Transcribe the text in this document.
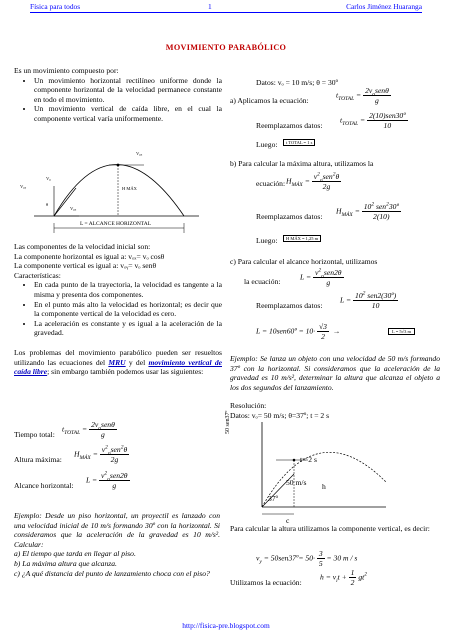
Física para todos	1	Carlos Jiménez Huaranga
MOVIMIENTO PARABÓLICO

Es un movimiento compuesto por:

• Un movimiento horizontal rectilíneo uniforme donde la componente horizontal de la velocidad permanece constante en todo el movimiento.
• Un movimiento vertical de caída libre, en el cual la componente vertical varía uniformemente.
V₀ₓ
V₀ᵧ
V₀
H MÁX
θ
V₀ₓ
L = ALCANCE HORIZONTAL

Las componentes de la velocidad inicial son:

La componente horizontal es igual a: vₒₓ= vₒ cosθ

La componente vertical es igual a: vₒᵧ= vₒ senθ

Características:

• En cada punto de la trayectoria, la velocidad es tangente a la misma y presenta dos componentes.
• En el punto más alto la velocidad es horizontal; es decir que la componente vertical de la velocidad es cero.
• La aceleración es constante y es igual a la aceleración de la gravedad.

Los problemas del movimiento parabólico pueden ser resueltos utilizando las ecuaciones del MRU y del movimiento vertical de caída libre; sin embargo también podemos usar las siguientes:

Tiempo total:
$t_{TOTAL} = \frac{2v_osen\theta}{g}$
Altura máxima:
$H_{MÁX} = \frac{v^2_osen^2\theta}{2g}$
Alcance horizontal:
$L = \frac{v^2_osen2\theta}{g}$

Ejemplo: Desde un piso horizontal, un proyectil es lanzado con una velocidad inicial de 10 m/s formando 30º con la horizontal. Si consideramos que la aceleración de la gravedad es 10 m/s². Calcular:

a) El tiempo que tarda en llegar al piso.

b) La máxima altura que alcanza.

c) ¿A qué distancia del punto de lanzamiento choca con el piso?

Datos: vₒ = 10 m/s; θ = 30º

a) Aplicamos la ecuación:
$t_{TOTAL} = \frac{2v_osen\theta}{g}$
Reemplazamos datos:
$t_{TOTAL} = \frac{\text{2(10)sen30º}}{10}$
Luego:	t TOTAL = 1 s

b) Para calcular la máxima altura, utilizamos la

ecuación: $H_{MÁX} = \frac{v^2_osen^2\theta}{2g}$
Reemplazamos datos:
$H_{MÁX} = \frac{10^2 sen^230º}{2(10)}$
Luego:	H MÁX = 1,25 m

c) Para calcular el alcance horizontal, utilizamos

la ecuación:	$L = \frac{v^2_osen2\theta}{g}$
Reemplazamos datos:
$L = \frac{10^2 sen2(30º)}{10}$
L = 10sen60º = $10\cdot \frac{√3}{2}$ →	L = 5√3 m

Ejemplo: Se lanza un objeto con una velocidad de 50 m/s formando 37º con la horizontal. Si consideramos que la aceleración de la gravedad es 10 m/s², determinar la altura que alcanza el objeto a los dos segundos del lanzamiento.

Resolución:

Datos: vₒ= 50 m/s; θ=37º; t = 2 s

50 sen37º
t= 2 s
50 m/s h
37º
c

Para calcular la altura utilizamos la componente vertical, es decir:

$v_y$ = 50sen37º= $50\cdot \frac{3}{5} = 30$ m / s
Utilizamos la ecuación:
$h = v_it + \frac{1}{2} gt^2$
http://fisica-pre.blogspot.com
